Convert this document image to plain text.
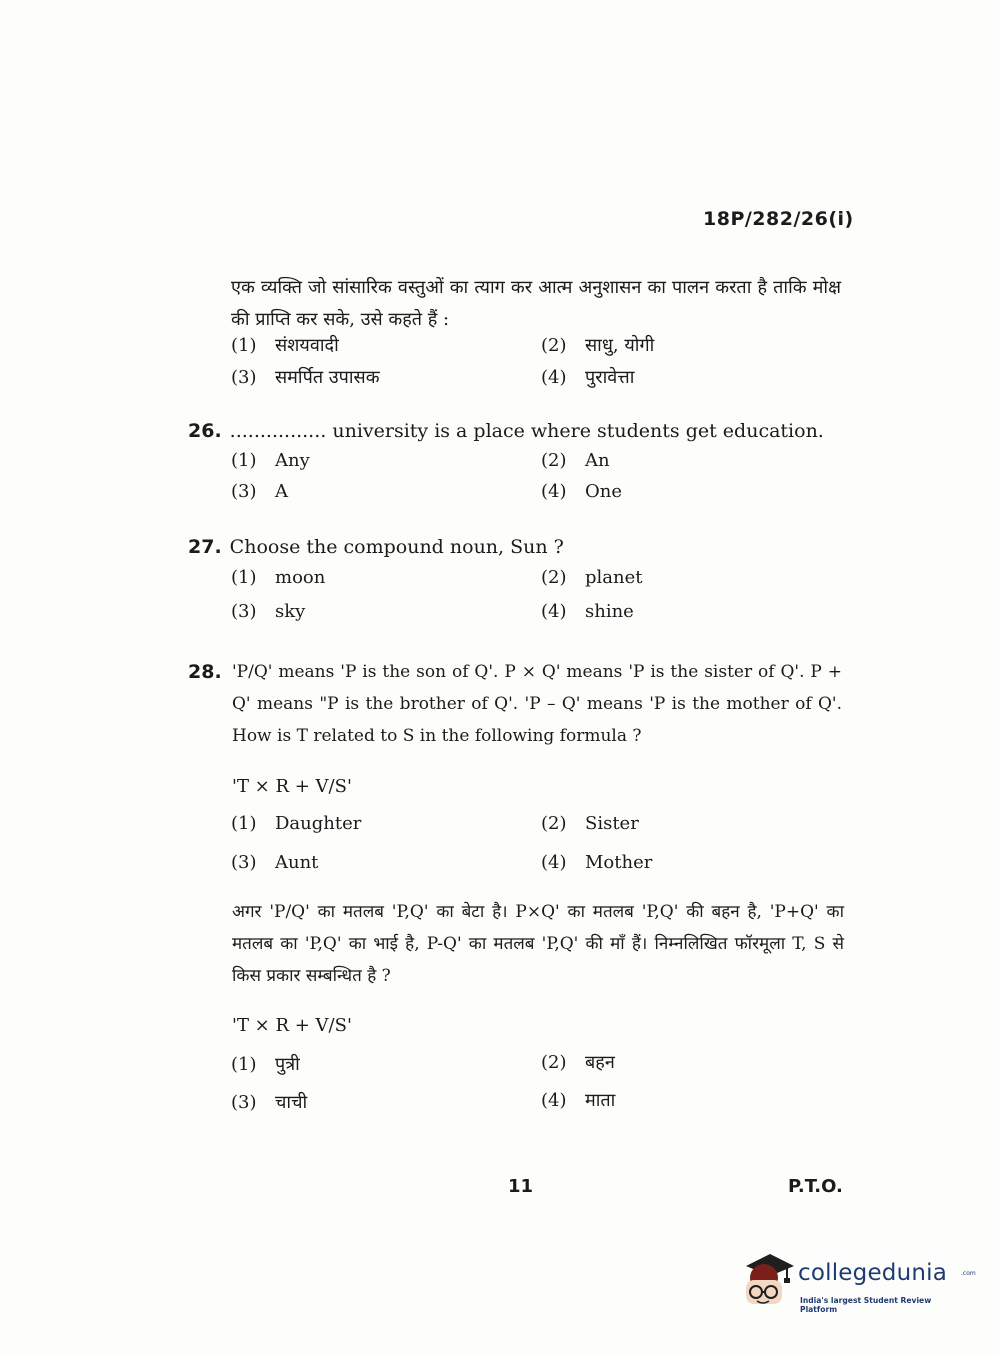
18P/282/26(i)
एक व्यक्ति जो सांसारिक वस्तुओं का त्याग कर आत्म अनुशासन का पालन करता है ताकि मोक्ष की प्राप्ति कर सके, उसे कहते हैं :
(1) संशयवादी	(2) साधु, योगी
(3) समर्पित उपासक	(4) पुरावेत्ता
26. ................ university is a place where students get education.
(1) Any	(2) An
(3) A	(4) One
27. Choose the compound noun, Sun ?
(1) moon	(2) planet
(3) sky	(4) shine
28. 'P/Q' means 'P is the son of Q'. P × Q' means 'P is the sister of Q'. P + Q' means "P is the brother of Q'. 'P – Q' means 'P is the mother of Q'. How is T related to S in the following formula ?
'T × R + V/S'
(1) Daughter	(2) Sister
(3) Aunt	(4) Mother
अगर 'P/Q' का मतलब 'P,Q' का बेटा है। P×Q' का मतलब 'P,Q' की बहन है, 'P+Q' का मतलब का 'P,Q' का भाई है, P-Q' का मतलब 'P,Q' की माँ हैं। निम्नलिखित फॉरमूला T, S से किस प्रकार सम्बन्धित है ?
'T × R + V/S'
(1) पुत्री	(2) बहन
(3) चाची	(4) माता
11	P.T.O.
collegedunia .com
India's largest Student Review Platform
